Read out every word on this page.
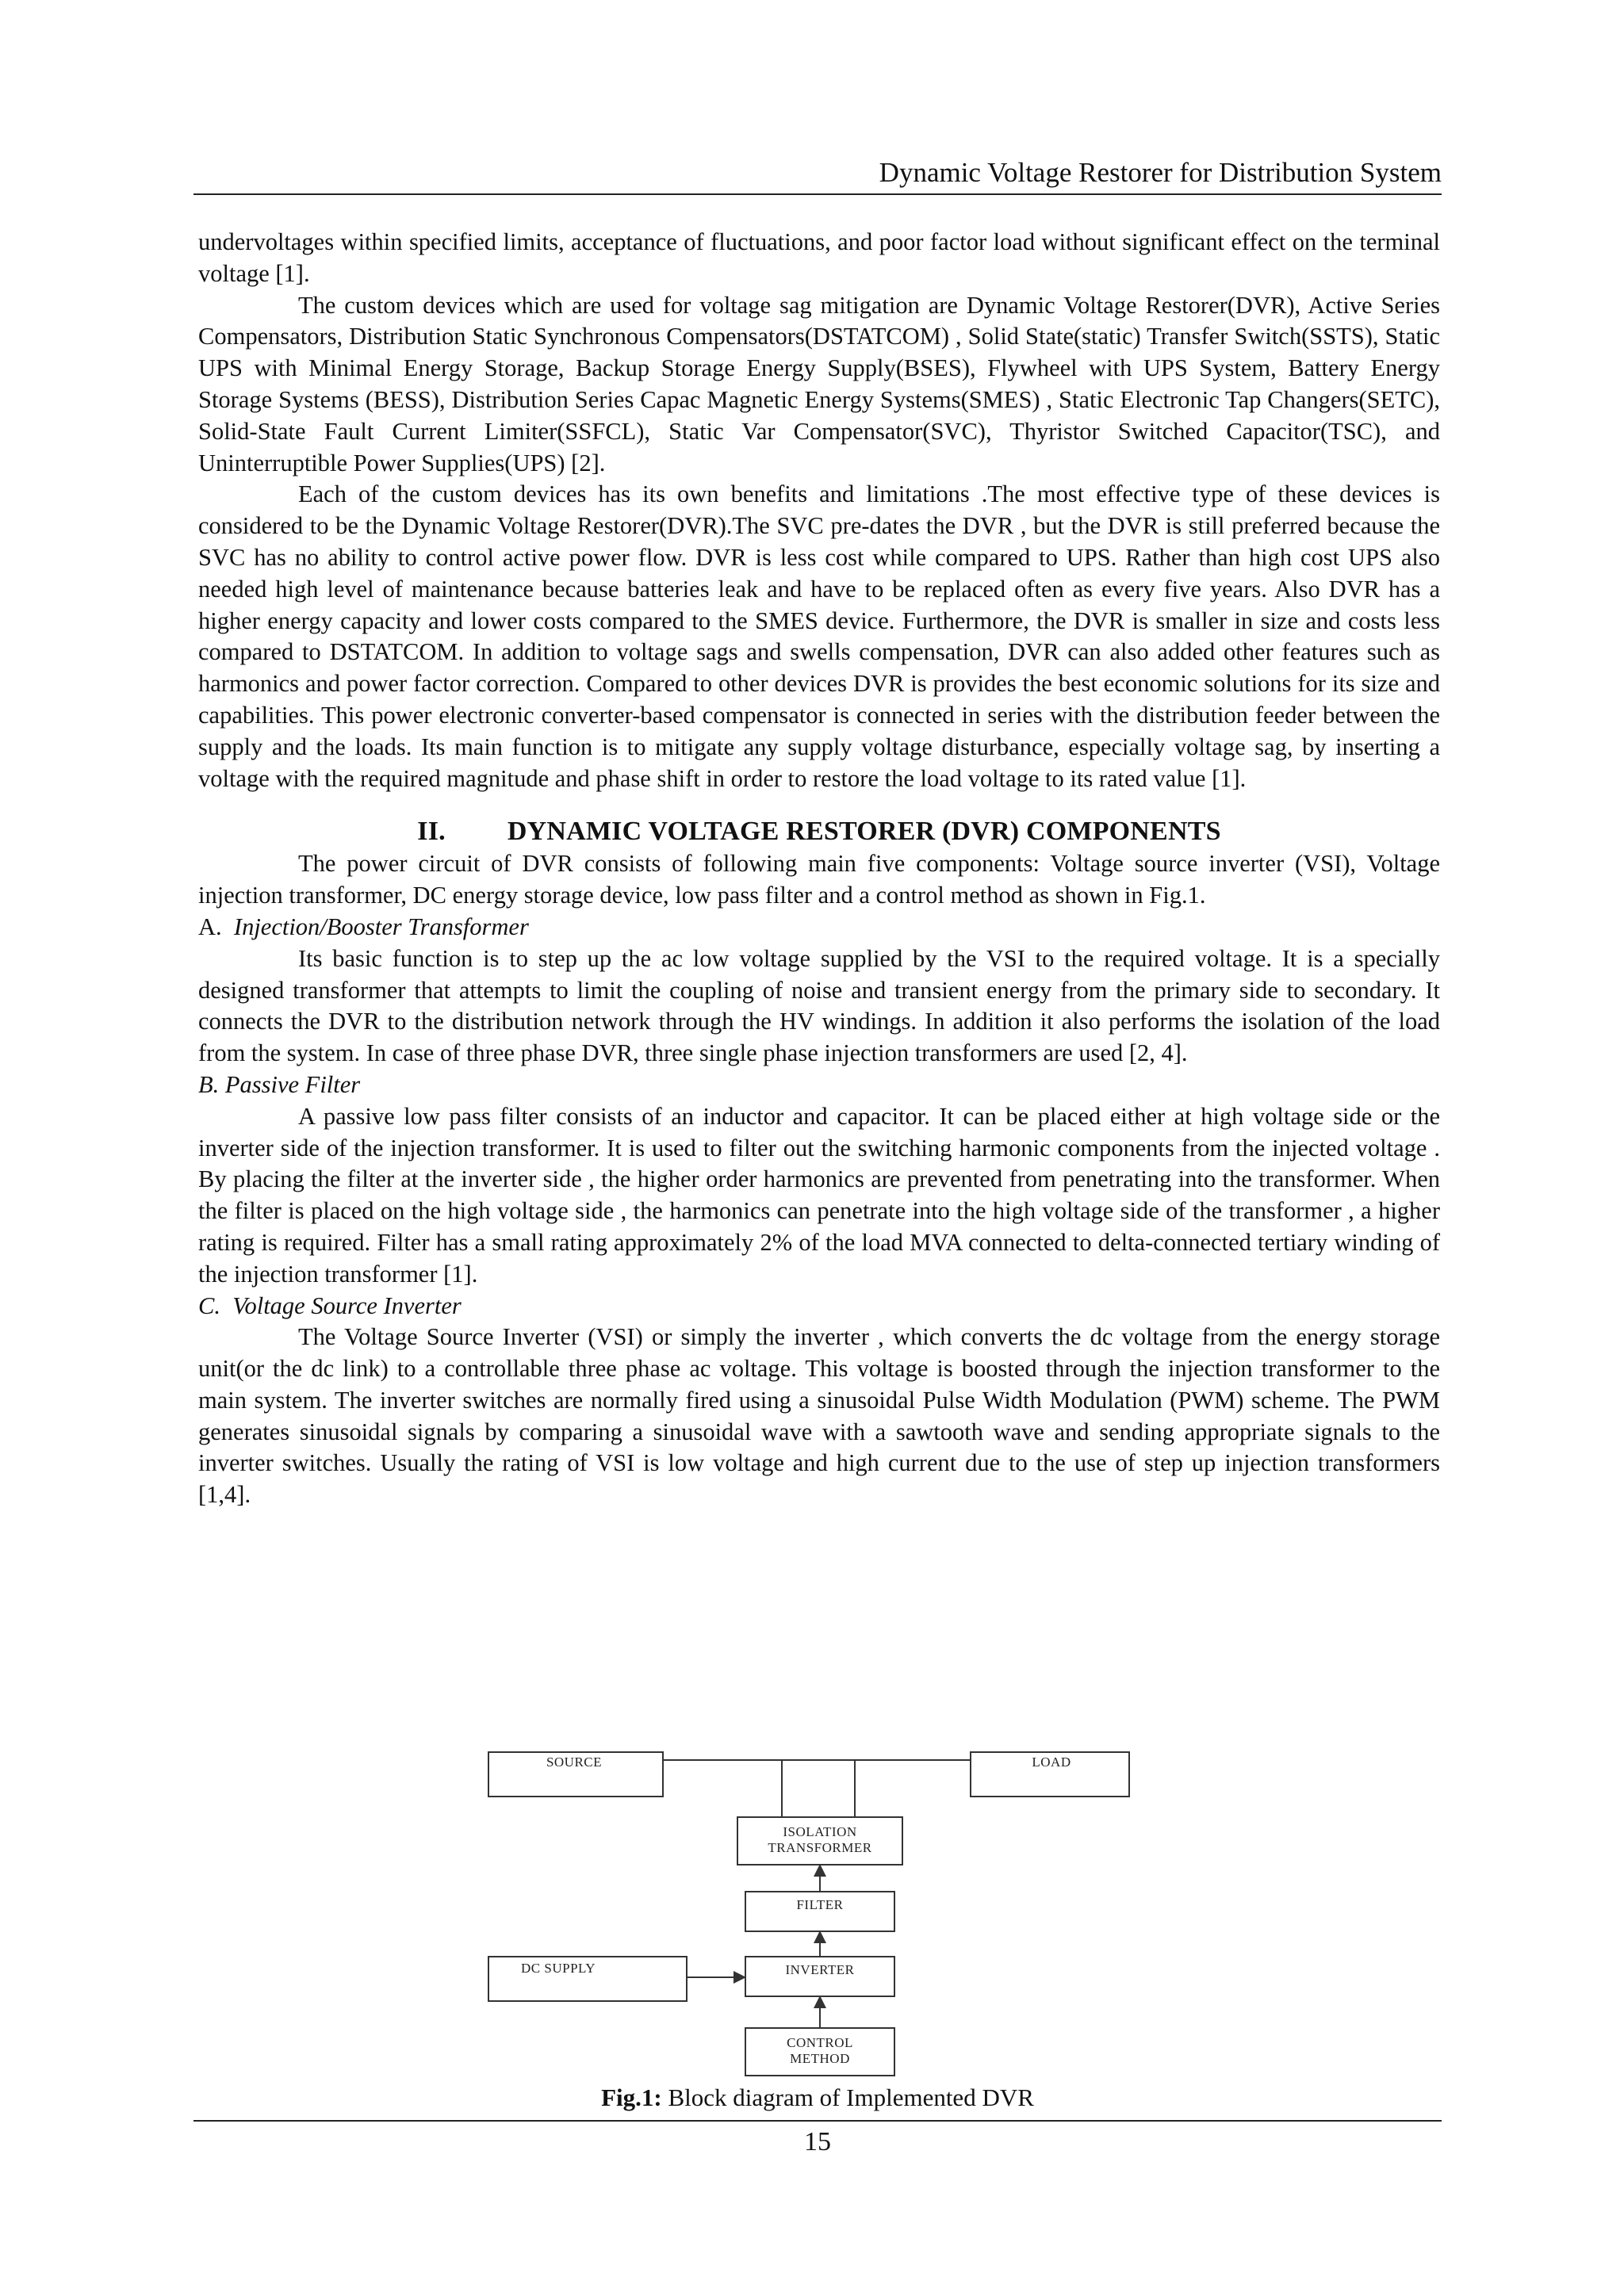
Dynamic Voltage Restorer for Distribution System

undervoltages within specified limits, acceptance of fluctuations, and poor factor load without significant effect on the terminal voltage [1].

The custom devices which are used for voltage sag mitigation are Dynamic Voltage Restorer(DVR), Active Series Compensators, Distribution Static Synchronous Compensators(DSTATCOM) , Solid State(static) Transfer Switch(SSTS), Static UPS with Minimal Energy Storage, Backup Storage Energy Supply(BSES), Flywheel with UPS System, Battery Energy Storage Systems (BESS), Distribution Series Capac Magnetic Energy Systems(SMES) , Static Electronic Tap Changers(SETC), Solid-State Fault Current Limiter(SSFCL), Static Var Compensator(SVC), Thyristor Switched Capacitor(TSC), and Uninterruptible Power Supplies(UPS) [2].

Each of the custom devices has its own benefits and limitations .The most effective type of these devices is considered to be the Dynamic Voltage Restorer(DVR).The SVC pre-dates the DVR , but the DVR is still preferred because the SVC has no ability to control active power flow. DVR is less cost while compared to UPS. Rather than high cost UPS also needed high level of maintenance because batteries leak and have to be replaced often as every five years. Also DVR has a higher energy capacity and lower costs compared to the SMES device. Furthermore, the DVR is smaller in size and costs less compared to DSTATCOM. In addition to voltage sags and swells compensation, DVR can also added other features such as harmonics and power factor correction. Compared to other devices DVR is provides the best economic solutions for its size and capabilities. This power electronic converter-based compensator is connected in series with the distribution feeder between the supply and the loads. Its main function is to mitigate any supply voltage disturbance, especially voltage sag, by inserting a voltage with the required magnitude and phase shift in order to restore the load voltage to its rated value [1].

II. DYNAMIC VOLTAGE RESTORER (DVR) COMPONENTS

The power circuit of DVR consists of following main five components: Voltage source inverter (VSI), Voltage injection transformer, DC energy storage device, low pass filter and a control method as shown in Fig.1.

A. Injection/Booster Transformer

Its basic function is to step up the ac low voltage supplied by the VSI to the required voltage. It is a specially designed transformer that attempts to limit the coupling of noise and transient energy from the primary side to secondary. It connects the DVR to the distribution network through the HV windings. In addition it also performs the isolation of the load from the system. In case of three phase DVR, three single phase injection transformers are used [2, 4].

B. Passive Filter

A passive low pass filter consists of an inductor and capacitor. It can be placed either at high voltage side or the inverter side of the injection transformer. It is used to filter out the switching harmonic components from the injected voltage . By placing the filter at the inverter side , the higher order harmonics are prevented from penetrating into the transformer. When the filter is placed on the high voltage side , the harmonics can penetrate into the high voltage side of the transformer , a higher rating is required. Filter has a small rating approximately 2% of the load MVA connected to delta-connected tertiary winding of the injection transformer [1].

C. Voltage Source Inverter

The Voltage Source Inverter (VSI) or simply the inverter , which converts the dc voltage from the energy storage unit(or the dc link) to a controllable three phase ac voltage. This voltage is boosted through the injection transformer to the main system. The inverter switches are normally fired using a sinusoidal Pulse Width Modulation (PWM) scheme. The PWM generates sinusoidal signals by comparing a sinusoidal wave with a sawtooth wave and sending appropriate signals to the inverter switches. Usually the rating of VSI is low voltage and high current due to the use of step up injection transformers [1,4].

SOURCE	LOAD
ISOLATION
TRANSFORMER
FILTER
DC SUPPLY	INVERTER
CONTROL
METHOD
Fig.1: Block diagram of Implemented DVR
15
